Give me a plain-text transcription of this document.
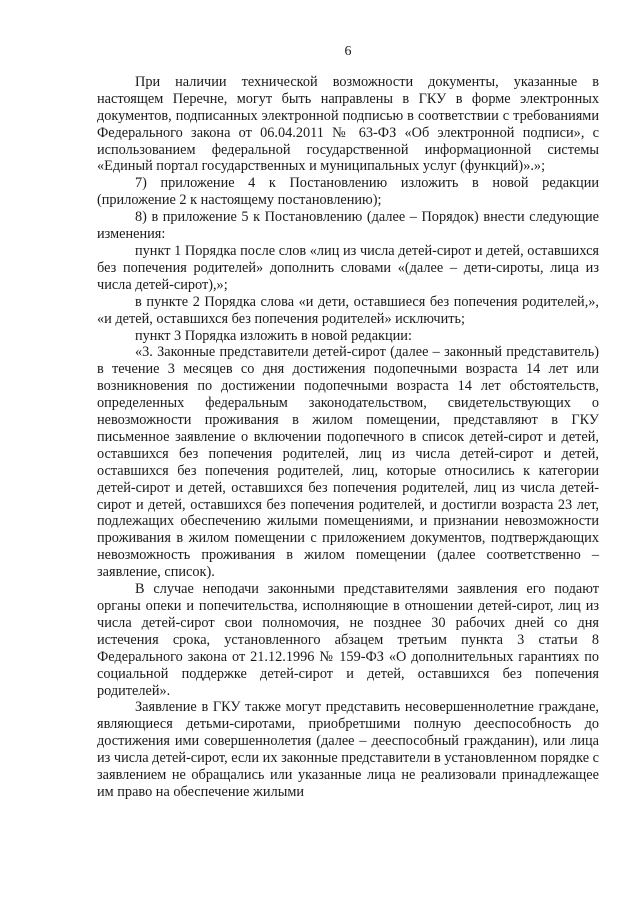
6

При наличии технической возможности документы, указанные в настоящем Перечне, могут быть направлены в ГКУ в форме электронных документов, подписанных электронной подписью в соответствии с требованиями Федерального закона от 06.04.2011 № 63-ФЗ «Об электронной подписи», с использованием федеральной государственной информационной системы «Единый портал государственных и муниципальных услуг (функций)».»;

7) приложение 4 к Постановлению изложить в новой редакции (приложение 2 к настоящему постановлению);

8) в приложение 5 к Постановлению (далее – Порядок) внести следующие изменения:

пункт 1 Порядка после слов «лиц из числа детей-сирот и детей, оставшихся без попечения родителей» дополнить словами «(далее – дети-сироты, лица из числа детей-сирот),»;

в пункте 2 Порядка слова «и дети, оставшиеся без попечения родителей,», «и детей, оставшихся без попечения родителей» исключить;

пункт 3 Порядка изложить в новой редакции:

«3. Законные представители детей-сирот (далее – законный представитель) в течение 3 месяцев со дня достижения подопечными возраста 14 лет или возникновения по достижении подопечными возраста 14 лет обстоятельств, определенных федеральным законодательством, свидетельствующих о невозможности проживания в жилом помещении, представляют в ГКУ письменное заявление о включении подопечного в список детей-сирот и детей, оставшихся без попечения родителей, лиц из числа детей-сирот и детей, оставшихся без попечения родителей, лиц, которые относились к категории детей-сирот и детей, оставшихся без попечения родителей, лиц из числа детей-сирот и детей, оставшихся без попечения родителей, и достигли возраста 23 лет, подлежащих обеспечению жилыми помещениями, и признании невозможности проживания в жилом помещении с приложением документов, подтверждающих невозможность проживания в жилом помещении (далее соответственно – заявление, список).

В случае неподачи законными представителями заявления его подают органы опеки и попечительства, исполняющие в отношении детей-сирот, лиц из числа детей-сирот свои полномочия, не позднее 30 рабочих дней со дня истечения срока, установленного абзацем третьим пункта 3 статьи 8 Федерального закона от 21.12.1996 № 159-ФЗ «О дополнительных гарантиях по социальной поддержке детей-сирот и детей, оставшихся без попечения родителей».

Заявление в ГКУ также могут представить несовершеннолетние граждане, являющиеся детьми-сиротами, приобретшими полную дееспособность до достижения ими совершеннолетия (далее – дееспособный гражданин), или лица из числа детей-сирот, если их законные представители в установленном порядке с заявлением не обращались или указанные лица не реализовали принадлежащее им право на обеспечение жилыми
